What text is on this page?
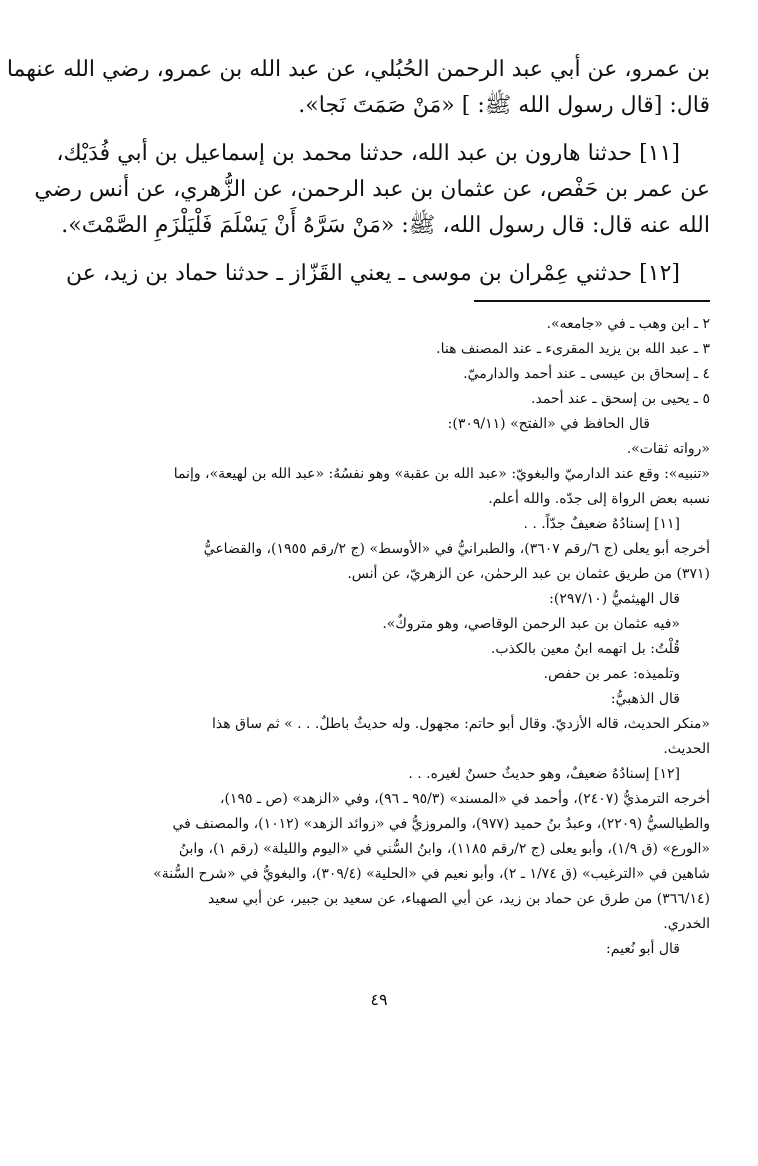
بن عمرو، عن أبي عبد الرحمن الحُبُلي، عن عبد الله بن عمرو، رضي الله عنهما

قال: [قال رسول الله ﷺ: ] «مَنْ صَمَتَ نَجا».

[١١] حدثنا هارون بن عبد الله، حدثنا محمد بن إسماعيل بن أبي فُدَيْك،

عن عمر بن حَفْص، عن عثمان بن عبد الرحمن، عن الزُّهري، عن أنس رضي

الله عنه قال: قال رسول الله، ﷺ: «مَنْ سَرَّهُ أَنْ يَسْلَمَ فَلْيَلْزَمِ الصَّمْتَ».

[١٢] حدثني عِمْران بن موسى ـ يعني القَزّاز ـ حدثنا حماد بن زيد، عن

٢ ـ ابن وهب ـ في «جامعه».

٣ ـ عبد الله بن يزيد المقرىء ـ عند المصنف هنا.

٤ ـ إسحاق بن عيسى ـ عند أحمد والدارميّ.

٥ ـ يحيى بن إسحق ـ عند أحمد.

قال الحافظ في «الفتح» (٣٠٩/١١):

«رواته ثقات».

«تنبيه»: وقع عند الدارميّ والبغويّ: «عبد الله بن عقبة» وهو نفسُهُ: «عبد الله بن لهيعة»، وإنما

نسبه بعض الرواة إلى جدّه. والله أعلم.

[١١] إسنادُهُ ضعيفٌ جدّاً. . .

أخرجه أبو يعلى (ج ٦/رقم ٣٦٠٧)، والطبرانيُّ في «الأوسط» (ج ٢/رقم ١٩٥٥)، والقضاعيُّ

(٣٧١) من طريق عثمان بن عبد الرحمٰن، عن الزهريّ، عن أنس.

قال الهيثميُّ (٢٩٧/١٠):

«فيه عثمان بن عبد الرحمن الوقاصي، وهو متروكٌ».

قُلْتُ: بل اتهمه ابنُ معين بالكذب.

وتلميذه: عمر بن حفص.

قال الذهبيُّ:

«منكر الحديث، قاله الأزديّ. وقال أبو حاتم: مجهول. وله حديثٌ باطلٌ. . . » ثم ساق هذا

الحديث.

[١٢] إسنادُهُ ضعيفٌ، وهو حديثٌ حسنٌ لغيره. . .

أخرجه الترمذيُّ (٢٤٠٧)، وأحمد في «المسند» (٩٥/٣ ـ ٩٦)، وفي «الزهد» (ص ـ ١٩٥)،

والطيالسيُّ (٢٢٠٩)، وعبدُ بنُ حميد (٩٧٧)، والمروزيُّ في «زوائد الزهد» (١٠١٢)، والمصنف في

«الورع» (ق ١/٩)، وأبو يعلى (ج ٢/رقم ١١٨٥)، وابنُ السُّني في «اليوم والليلة» (رقم ١)، وابنُ

شاهين في «الترغيب» (ق ١/٧٤ ـ ٢)، وأبو نعيم في «الحلية» (٣٠٩/٤)، والبغويُّ في «شرح السُّنة»

(٣٦٦/١٤) من طرق عن حماد بن زيد، عن أبي الصهباء، عن سعيد بن جبير، عن أبي سعيد

الخدري.

قال أبو نُعيم:

٤٩
